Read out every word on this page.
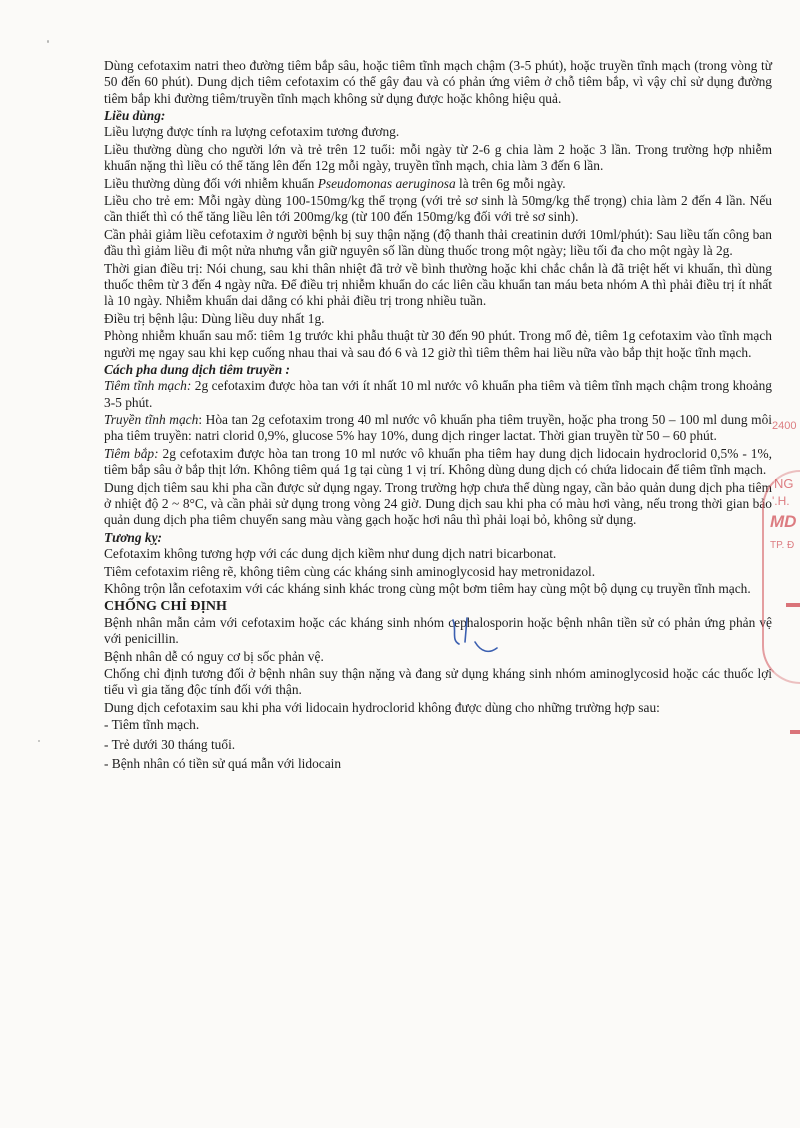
Dùng cefotaxim natri theo đường tiêm bắp sâu, hoặc tiêm tĩnh mạch chậm (3-5 phút), hoặc truyền tĩnh mạch (trong vòng từ 50 đến 60 phút). Dung dịch tiêm cefotaxim có thể gây đau và có phản ứng viêm ở chỗ tiêm bắp, vì vậy chỉ sử dụng đường tiêm bắp khi đường tiêm/truyền tĩnh mạch không sử dụng được hoặc không hiệu quả.

Liều dùng:

Liều lượng được tính ra lượng cefotaxim tương đương.

Liều thường dùng cho người lớn và trẻ trên 12 tuổi: mỗi ngày từ 2-6 g chia làm 2 hoặc 3 lần. Trong trường hợp nhiễm khuẩn nặng thì liều có thể tăng lên đến 12g mỗi ngày, truyền tĩnh mạch, chia làm 3 đến 6 lần.

Liều thường dùng đối với nhiễm khuẩn Pseudomonas aeruginosa là trên 6g mỗi ngày.

Liều cho trẻ em: Mỗi ngày dùng 100-150mg/kg thể trọng (với trẻ sơ sinh là 50mg/kg thể trọng) chia làm 2 đến 4 lần. Nếu cần thiết thì có thể tăng liều lên tới 200mg/kg (từ 100 đến 150mg/kg đối với trẻ sơ sinh).

Cần phải giảm liều cefotaxim ở người bệnh bị suy thận nặng (độ thanh thải creatinin dưới 10ml/phút): Sau liều tấn công ban đầu thì giảm liều đi một nửa nhưng vẫn giữ nguyên số lần dùng thuốc trong một ngày; liều tối đa cho một ngày là 2g.

Thời gian điều trị: Nói chung, sau khi thân nhiệt đã trở về bình thường hoặc khi chắc chắn là đã triệt hết vi khuẩn, thì dùng thuốc thêm từ 3 đến 4 ngày nữa. Để điều trị nhiễm khuẩn do các liên cầu khuẩn tan máu beta nhóm A thì phải điều trị ít nhất là 10 ngày. Nhiễm khuẩn dai dẳng có khi phải điều trị trong nhiều tuần.

Điều trị bệnh lậu: Dùng liều duy nhất 1g.

Phòng nhiễm khuẩn sau mổ: tiêm 1g trước khi phẫu thuật từ 30 đến 90 phút. Trong mổ đẻ, tiêm 1g cefotaxim vào tĩnh mạch người mẹ ngay sau khi kẹp cuống nhau thai và sau đó 6 và 12 giờ thì tiêm thêm hai liều nữa vào bắp thịt hoặc tĩnh mạch.

Cách pha dung dịch tiêm truyền :

Tiêm tĩnh mạch: 2g cefotaxim được hòa tan với ít nhất 10 ml nước vô khuẩn pha tiêm và tiêm tĩnh mạch chậm trong khoảng 3-5 phút.

Truyền tĩnh mạch: Hòa tan 2g cefotaxim trong 40 ml nước vô khuẩn pha tiêm truyền, hoặc pha trong 50 – 100 ml dung môi pha tiêm truyền: natri clorid 0,9%, glucose 5% hay 10%, dung dịch ringer lactat. Thời gian truyền từ 50 – 60 phút.

Tiêm bắp: 2g cefotaxim được hòa tan trong 10 ml nước vô khuẩn pha tiêm hay dung dịch lidocain hydroclorid 0,5% - 1%, tiêm bắp sâu ở bắp thịt lớn. Không tiêm quá 1g tại cùng 1 vị trí. Không dùng dung dịch có chứa lidocain để tiêm tĩnh mạch.

Dung dịch tiêm sau khi pha cần được sử dụng ngay. Trong trường hợp chưa thể dùng ngay, cần bảo quản dung dịch pha tiêm ở nhiệt độ 2 ~ 8°C, và cần phải sử dụng trong vòng 24 giờ. Dung dịch sau khi pha có màu hơi vàng, nếu trong thời gian bảo quản dung dịch pha tiêm chuyển sang màu vàng gạch hoặc hơi nâu thì phải loại bỏ, không sử dụng.

Tương kỵ:

Cefotaxim không tương hợp với các dung dịch kiềm như dung dịch natri bicarbonat.

Tiêm cefotaxim riêng rẽ, không tiêm cùng các kháng sinh aminoglycosid hay metronidazol.

Không trộn lẫn cefotaxim với các kháng sinh khác trong cùng một bơm tiêm hay cùng một bộ dụng cụ truyền tĩnh mạch.

CHỐNG CHỈ ĐỊNH

Bệnh nhân mẫn cảm với cefotaxim hoặc các kháng sinh nhóm cephalosporin hoặc bệnh nhân tiền sử có phản ứng phản vệ với penicillin.

Bệnh nhân dễ có nguy cơ bị sốc phản vệ.

Chống chỉ định tương đối ở bệnh nhân suy thận nặng và đang sử dụng kháng sinh nhóm aminoglycosid hoặc các thuốc lợi tiểu vì gia tăng độc tính đối với thận.

Dung dịch cefotaxim sau khi pha với lidocain hydroclorid không được dùng cho những trường hợp sau:

- Tiêm tĩnh mạch.

- Trẻ dưới 30 tháng tuổi.

- Bệnh nhân có tiền sử quá mẫn với lidocain

2400
NG
'.H.
MD
TP. Đ
